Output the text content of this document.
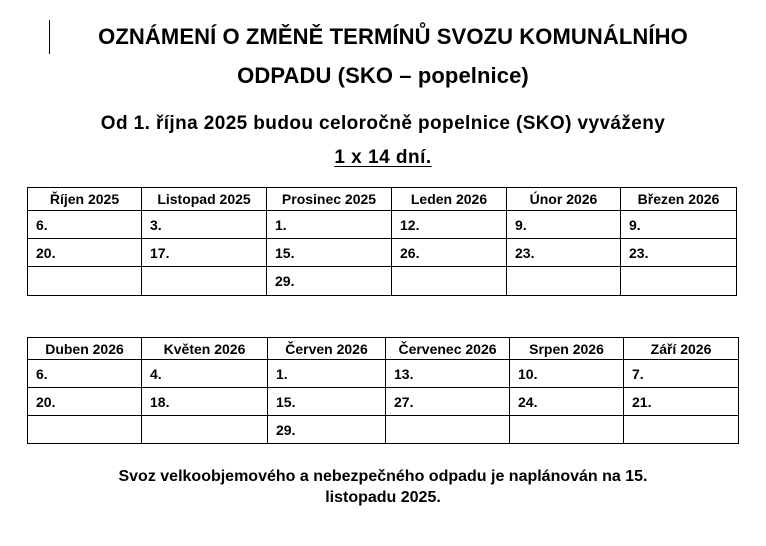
OZNÁMENÍ O ZMĚNĚ TERMÍNŮ SVOZU KOMUNÁLNÍHO
ODPADU (SKO – popelnice)
Od 1. října 2025 budou celoročně popelnice (SKO) vyváženy
1 x 14 dní.
Říjen 2025	Listopad 2025	Prosinec 2025	Leden 2026	Únor 2026	Březen 2026
6.	3.	1.	12.	9.	9.
20.	17.	15.	26.	23.	23.
		29.			
Duben 2026	Květen 2026	Červen 2026	Červenec 2026	Srpen 2026	Září 2026
6.	4.	1.	13.	10.	7.
20.	18.	15.	27.	24.	21.
		29.			
Svoz velkoobjemového a nebezpečného odpadu je naplánován na 15.
listopadu 2025.
